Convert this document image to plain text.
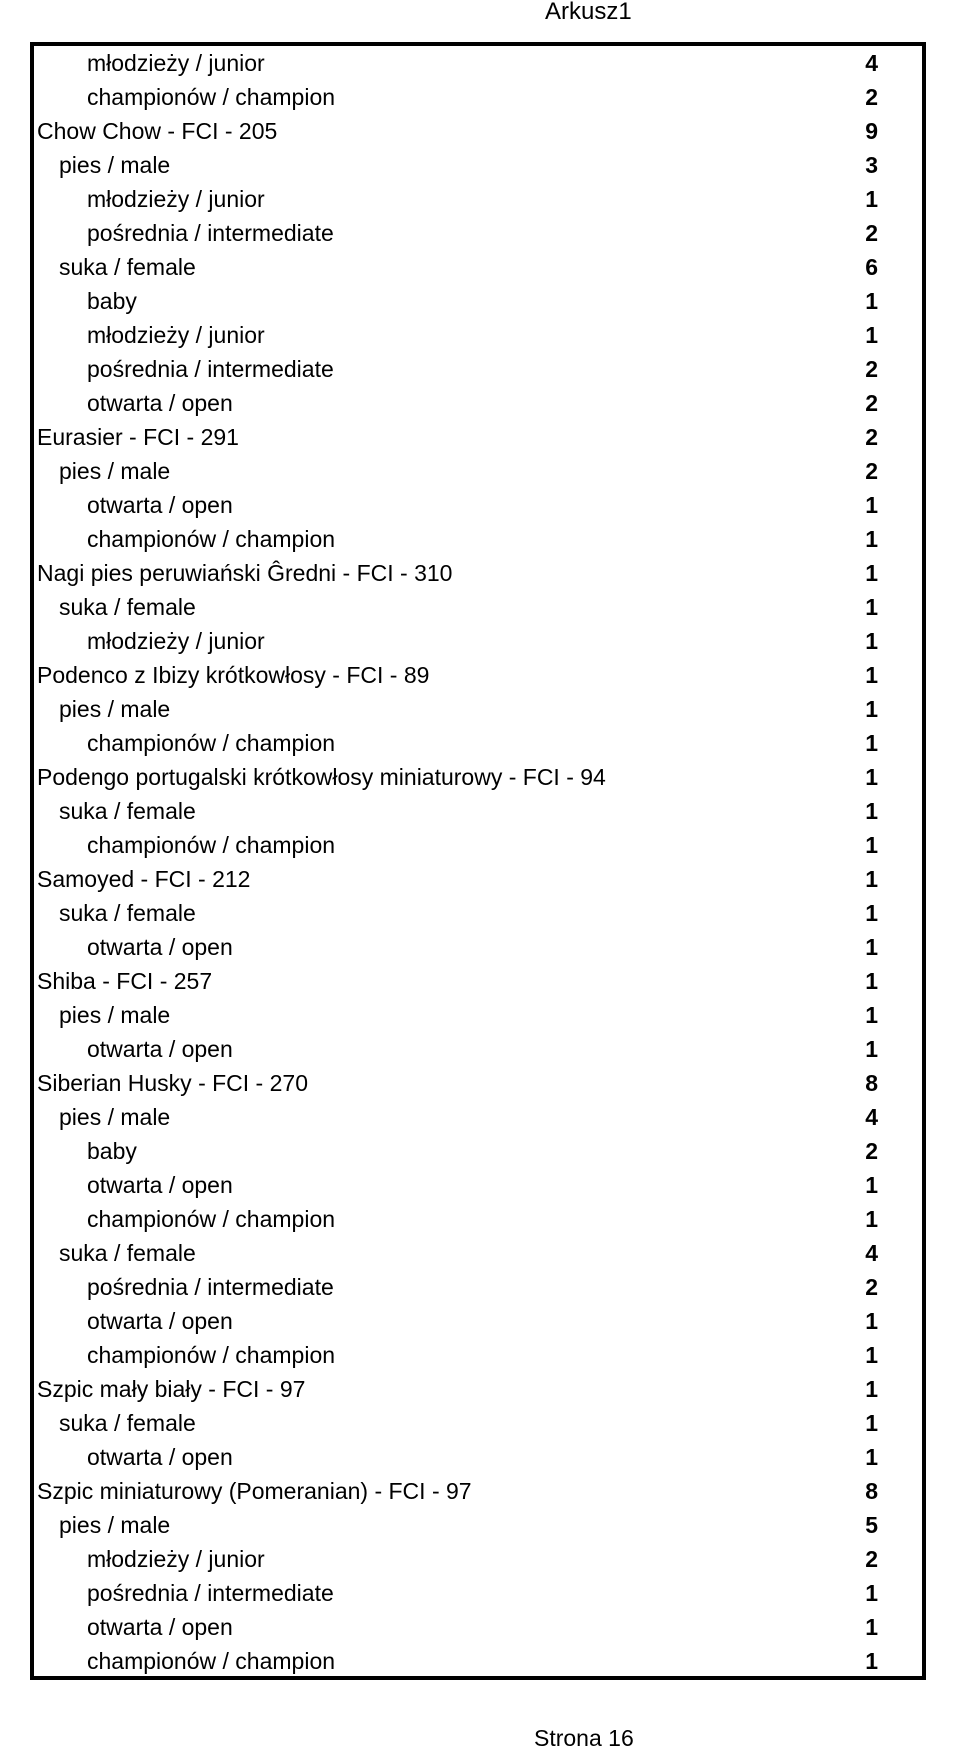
Arkusz1
młodzieży / junior	4
championów / champion	2
Chow Chow - FCI - 205	9
pies / male	3
młodzieży / junior	1
pośrednia / intermediate	2
suka / female	6
baby	1
młodzieży / junior	1
pośrednia / intermediate	2
otwarta / open	2
Eurasier - FCI - 291	2
pies / male	2
otwarta / open	1
championów / champion	1
Nagi pies peruwiański Ĝredni - FCI - 310	1
suka / female	1
młodzieży / junior	1
Podenco z Ibizy krótkowłosy - FCI - 89	1
pies / male	1
championów / champion	1
Podengo portugalski krótkowłosy miniaturowy - FCI - 94	1
suka / female	1
championów / champion	1
Samoyed - FCI - 212	1
suka / female	1
otwarta / open	1
Shiba - FCI - 257	1
pies / male	1
otwarta / open	1
Siberian Husky - FCI - 270	8
pies / male	4
baby	2
otwarta / open	1
championów / champion	1
suka / female	4
pośrednia / intermediate	2
otwarta / open	1
championów / champion	1
Szpic mały biały - FCI - 97	1
suka / female	1
otwarta / open	1
Szpic miniaturowy (Pomeranian) - FCI - 97	8
pies / male	5
młodzieży / junior	2
pośrednia / intermediate	1
otwarta / open	1
championów / champion	1
Strona 16
